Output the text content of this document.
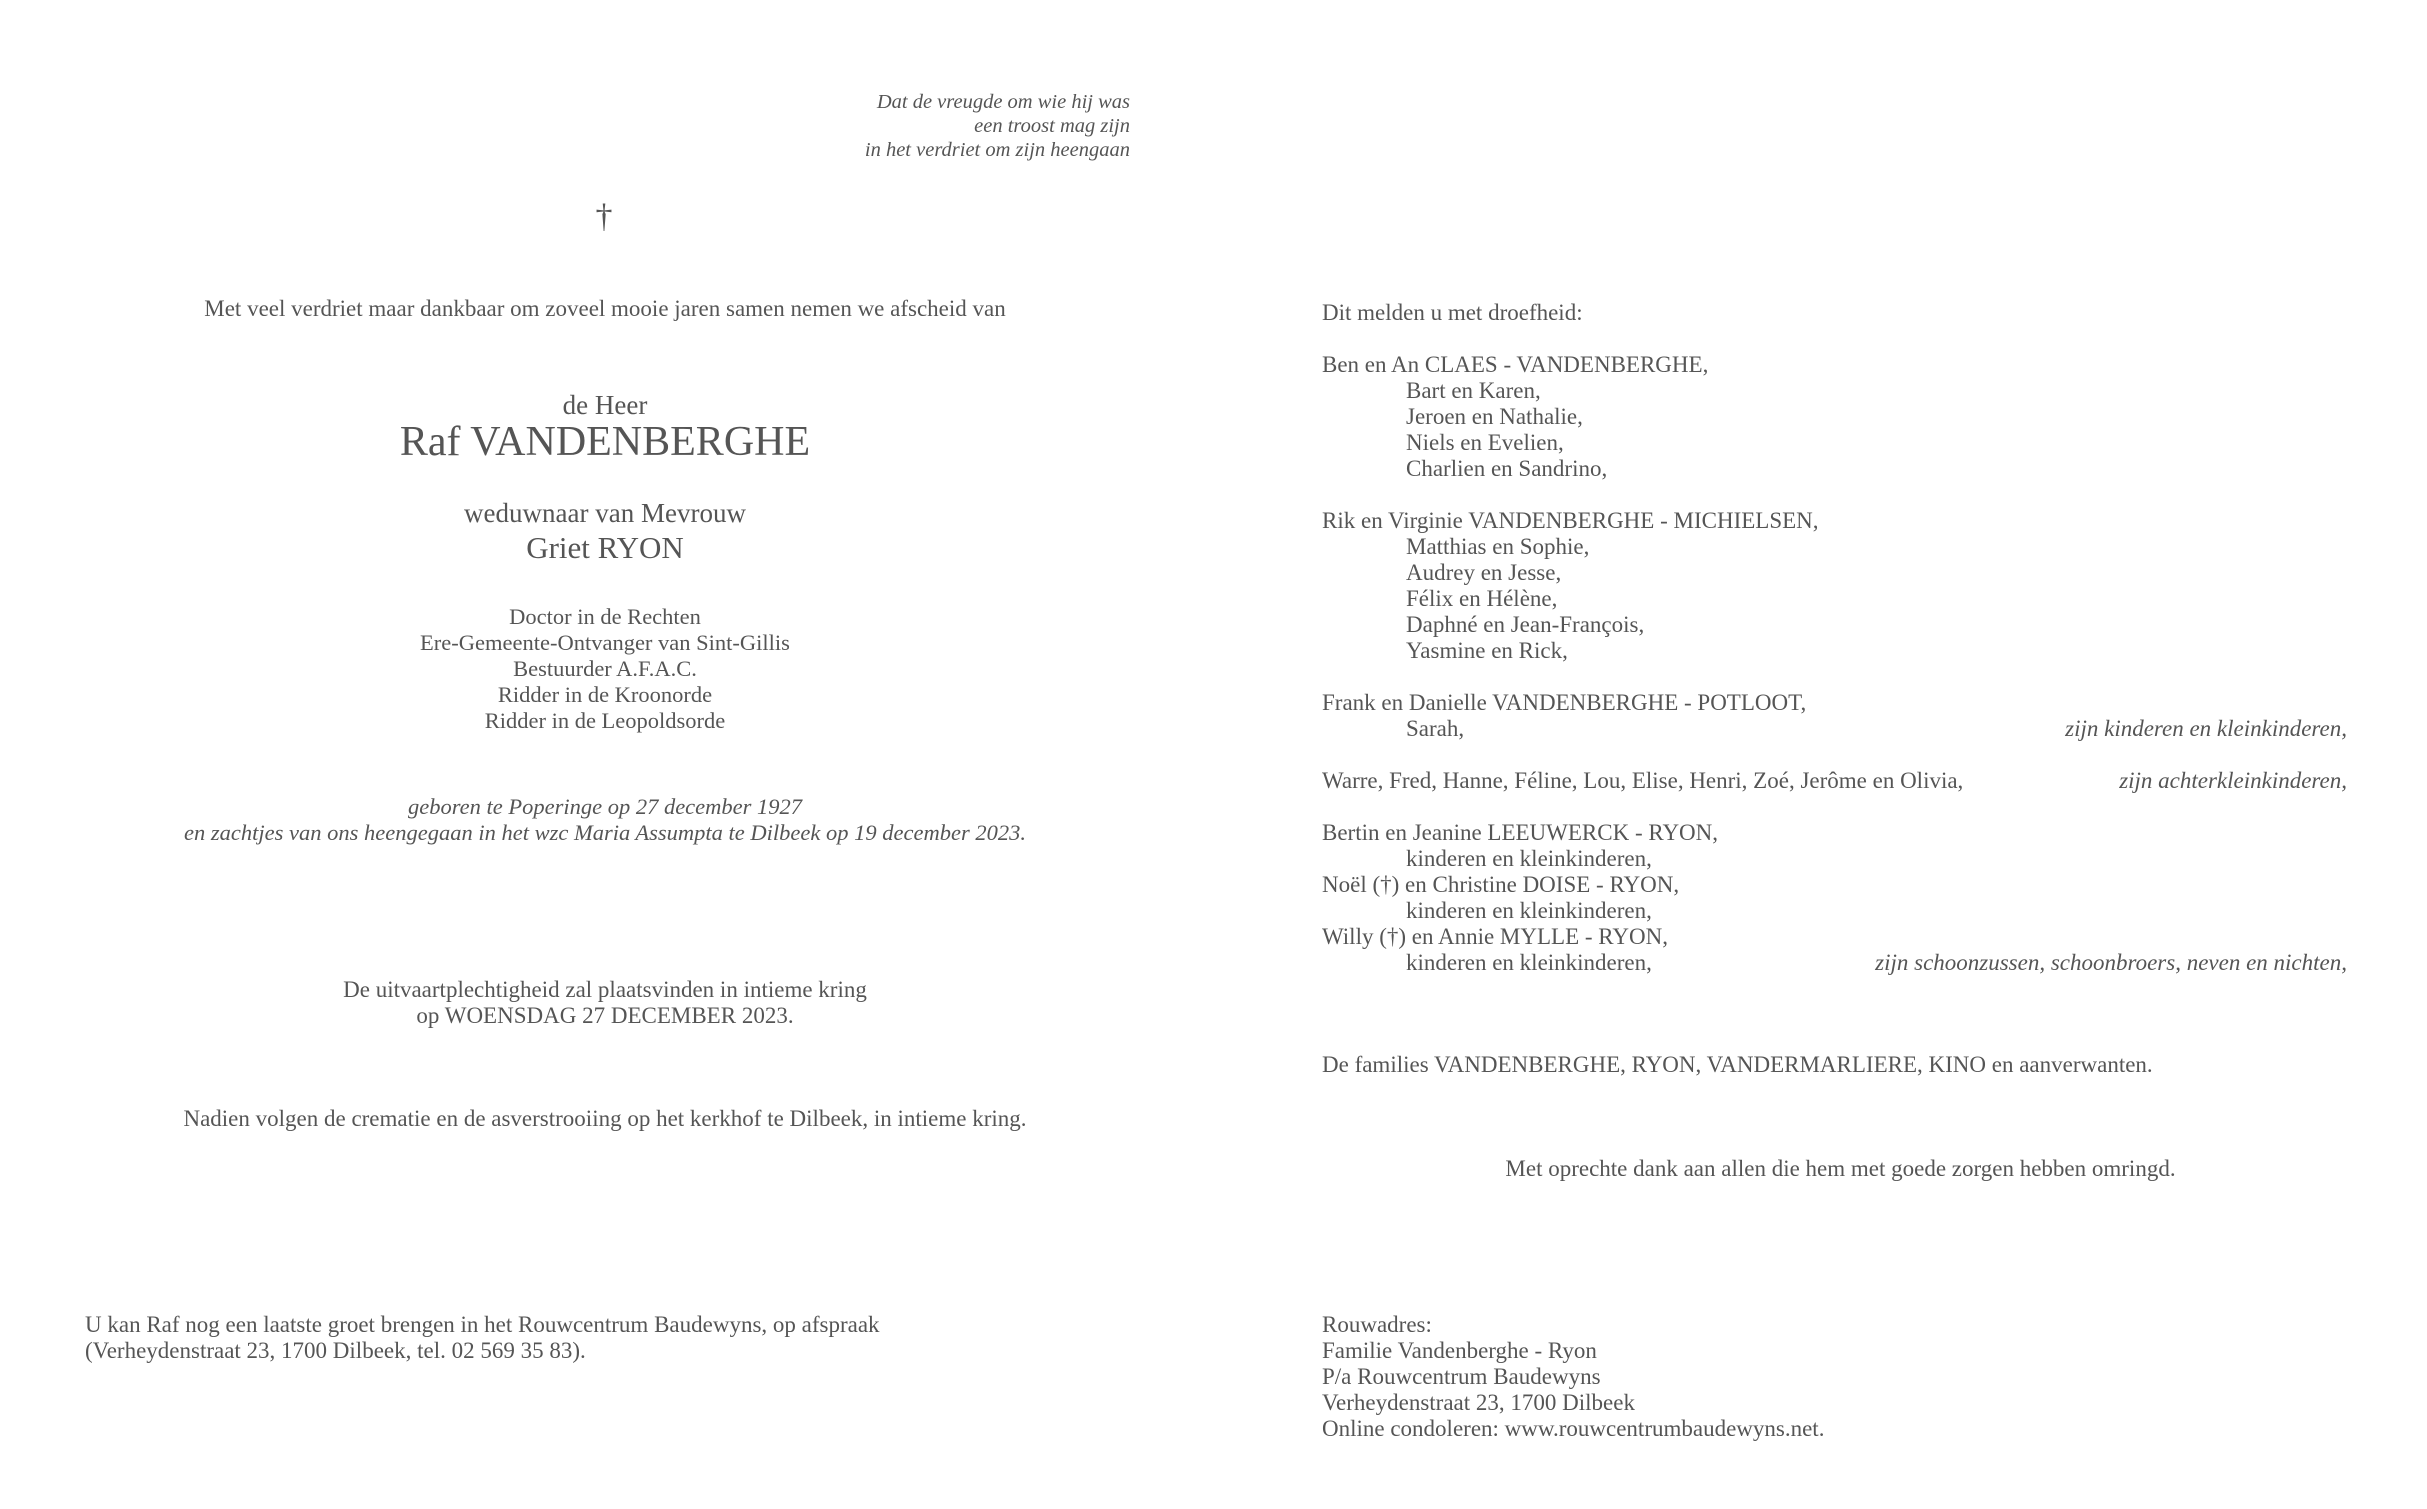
Dat de vreugde om wie hij was
een troost mag zijn
in het verdriet om zijn heengaan
†
Met veel verdriet maar dankbaar om zoveel mooie jaren samen nemen we afscheid van
de Heer
Raf VANDENBERGHE
weduwnaar van Mevrouw
Griet RYON
Doctor in de Rechten
Ere-Gemeente-Ontvanger van Sint-Gillis
Bestuurder A.F.A.C.
Ridder in de Kroonorde
Ridder in de Leopoldsorde
geboren te Poperinge op 27 december 1927
en zachtjes van ons heengegaan in het wzc Maria Assumpta te Dilbeek op 19 december 2023.
De uitvaartplechtigheid zal plaatsvinden in intieme kring
op WOENSDAG 27 DECEMBER 2023.
Nadien volgen de crematie en de asverstrooiing op het kerkhof te Dilbeek, in intieme kring.
U kan Raf nog een laatste groet brengen in het Rouwcentrum Baudewyns, op afspraak
(Verheydenstraat 23, 1700 Dilbeek, tel. 02 569 35 83).
Dit melden u met droefheid:
Ben en An CLAES - VANDENBERGHE,
Bart en Karen,
Jeroen en Nathalie,
Niels en Evelien,
Charlien en Sandrino,
Rik en Virginie VANDENBERGHE - MICHIELSEN,
Matthias en Sophie,
Audrey en Jesse,
Félix en Hélène,
Daphné en Jean-François,
Yasmine en Rick,
Frank en Danielle VANDENBERGHE - POTLOOT,
Sarah,	zijn kinderen en kleinkinderen,
Warre, Fred, Hanne, Féline, Lou, Elise, Henri, Zoé, Jerôme en Olivia,	zijn achterkleinkinderen,
Bertin en Jeanine LEEUWERCK - RYON,
kinderen en kleinkinderen,
Noël (†) en Christine DOISE - RYON,
kinderen en kleinkinderen,
Willy (†) en Annie MYLLE - RYON,
kinderen en kleinkinderen,	zijn schoonzussen, schoonbroers, neven en nichten,
De families VANDENBERGHE, RYON, VANDERMARLIERE, KINO en aanverwanten.
Met oprechte dank aan allen die hem met goede zorgen hebben omringd.
Rouwadres:
Familie Vandenberghe - Ryon
P/a Rouwcentrum Baudewyns
Verheydenstraat 23, 1700 Dilbeek
Online condoleren: www.rouwcentrumbaudewyns.net.
